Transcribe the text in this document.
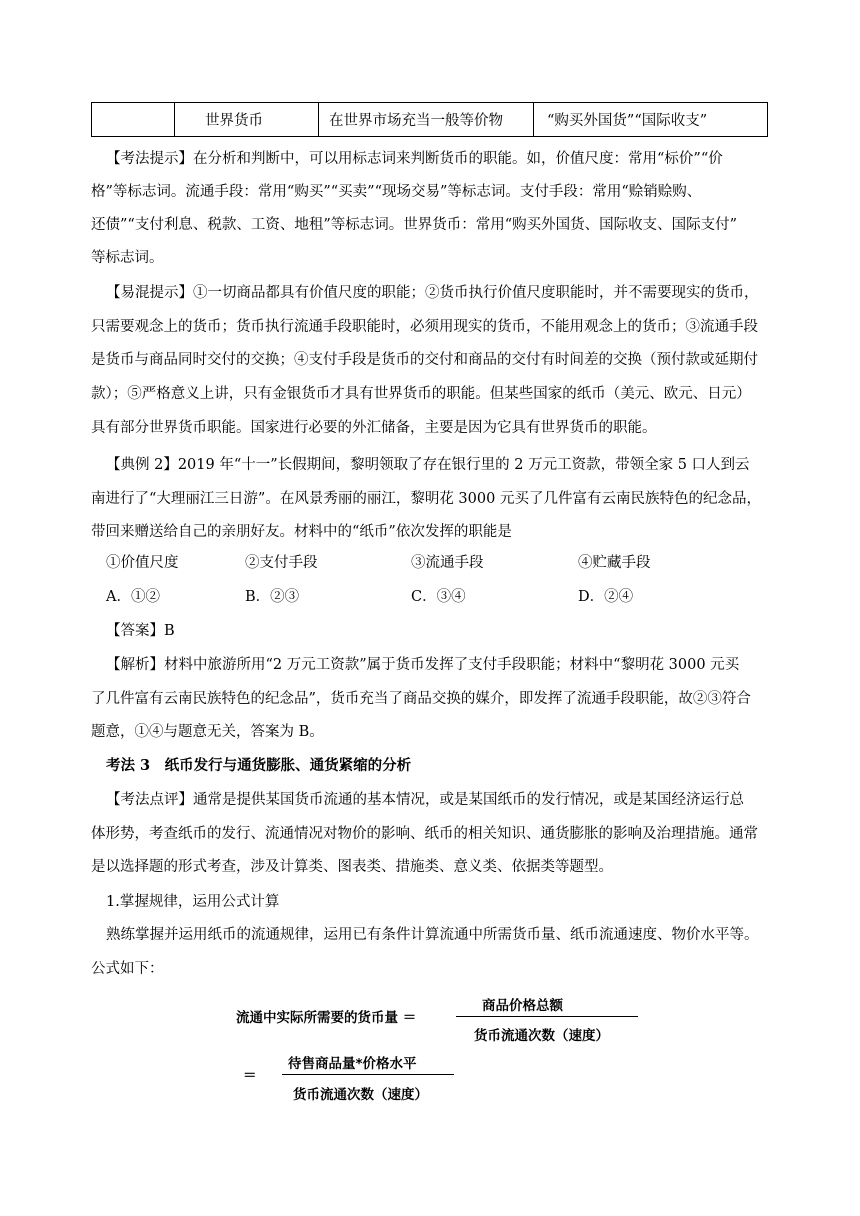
	世界货币	在世界市场充当一般等价物	“购买外国货”“国际收支”
【考法提示】在分析和判断中，可以用标志词来判断货币的职能。如，价值尺度：常用“标价”“价
格”等标志词。流通手段：常用“购买”“买卖”“现场交易”等标志词。支付手段：常用“赊销赊购、
还债”“支付利息、税款、工资、地租”等标志词。世界货币：常用“购买外国货、国际收支、国际支付”
等标志词。
【易混提示】①一切商品都具有价值尺度的职能；②货币执行价值尺度职能时，并不需要现实的货币，
只需要观念上的货币；货币执行流通手段职能时，必须用现实的货币，不能用观念上的货币；③流通手段
是货币与商品同时交付的交换；④支付手段是货币的交付和商品的交付有时间差的交换（预付款或延期付
款）；⑤严格意义上讲，只有金银货币才具有世界货币的职能。但某些国家的纸币（美元、欧元、日元）
具有部分世界货币职能。国家进行必要的外汇储备，主要是因为它具有世界货币的职能。
【典例 2】2019 年“十一”长假期间，黎明领取了存在银行里的 2 万元工资款，带领全家 5 口人到云
南进行了“大理丽江三日游”。在风景秀丽的丽江，黎明花 3000 元买了几件富有云南民族特色的纪念品，
带回来赠送给自己的亲朋好友。材料中的“纸币”依次发挥的职能是
①价值尺度	②支付手段	③流通手段	④贮藏手段
A．①②	B．②③	C．③④	D．②④
【答案】B
【解析】材料中旅游所用“2 万元工资款”属于货币发挥了支付手段职能；材料中“黎明花 3000 元买
了几件富有云南民族特色的纪念品”，货币充当了商品交换的媒介，即发挥了流通手段职能，故②③符合
题意，①④与题意无关，答案为 B。
考法 3　纸币发行与通货膨胀、通货紧缩的分析
【考法点评】通常是提供某国货币流通的基本情况，或是某国纸币的发行情况，或是某国经济运行总
体形势，考查纸币的发行、流通情况对物价的影响、纸币的相关知识、通货膨胀的影响及治理措施。通常
是以选择题的形式考查，涉及计算类、图表类、措施类、意义类、依据类等题型。
1.掌握规律，运用公式计算
熟练掌握并运用纸币的流通规律，运用已有条件计算流通中所需货币量、纸币流通速度、物价水平等。
公式如下：
流通中实际所需要的货币量 ＝
商品价格总额
货币流通次数（速度）
＝
待售商品量*价格水平
货币流通次数（速度）
